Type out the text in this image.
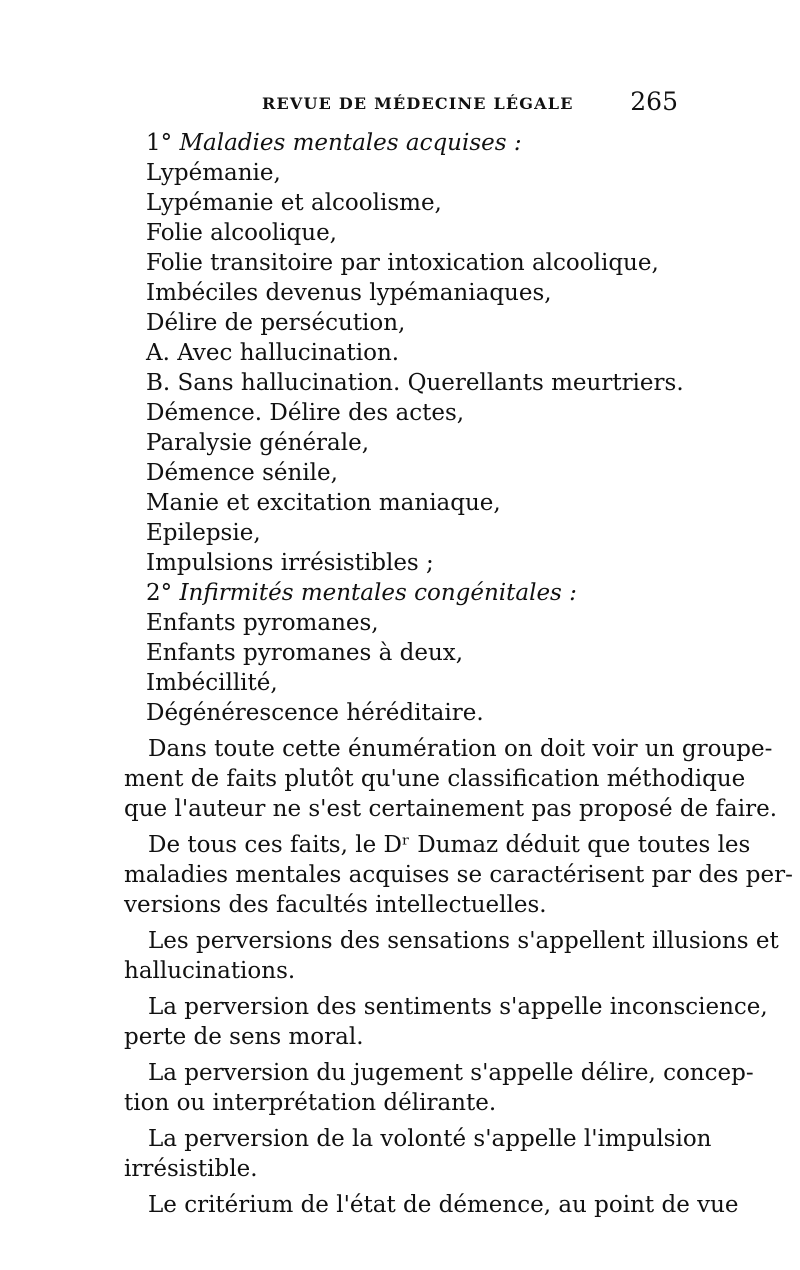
REVUE DE MÉDECINE LÉGALE 265
1° Maladies mentales acquises :
Lypémanie,
Lypémanie et alcoolisme,
Folie alcoolique,
Folie transitoire par intoxication alcoolique,
Imbéciles devenus lypémaniaques,
Délire de persécution,
A. Avec hallucination.
B. Sans hallucination. Querellants meurtriers.
Démence. Délire des actes,
Paralysie générale,
Démence sénile,
Manie et excitation maniaque,
Epilepsie,
Impulsions irrésistibles ;
2° Infirmités mentales congénitales :
Enfants pyromanes,
Enfants pyromanes à deux,
Imbécillité,
Dégénérescence héréditaire.
Dans toute cette énumération on doit voir un groupe-
ment de faits plutôt qu'une classification méthodique
que l'auteur ne s'est certainement pas proposé de faire.
De tous ces faits, le Dʳ Dumaz déduit que toutes les
maladies mentales acquises se caractérisent par des per-
versions des facultés intellectuelles.
Les perversions des sensations s'appellent illusions et
hallucinations.
La perversion des sentiments s'appelle inconscience,
perte de sens moral.
La perversion du jugement s'appelle délire, concep-
tion ou interprétation délirante.
La perversion de la volonté s'appelle l'impulsion
irrésistible.
Le critérium de l'état de démence, au point de vue
